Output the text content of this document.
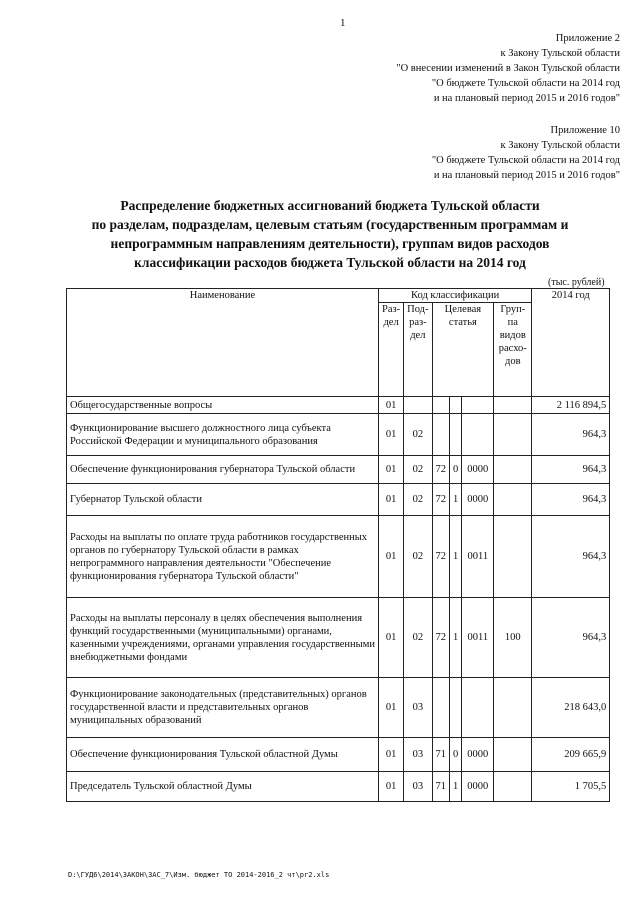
1
Приложение 2
к Закону Тульской области
"О внесении изменений в Закон Тульской области
"О бюджете Тульской области на 2014 год
и на плановый период 2015 и 2016 годов"
Приложение 10
к Закону Тульской области
"О бюджете Тульской области на 2014 год
и на плановый период 2015 и 2016 годов"
Распределение бюджетных ассигнований бюджета Тульской области
по разделам, подразделам, целевым статьям (государственным программам и
непрограммным направлениям деятельности), группам видов расходов
классификации расходов бюджета Тульской области на 2014 год
(тыс. рублей)
Наименование	Код классификации						2014 год
	Раз-дел	Под-раз-дел	Целевая статья			Груп-па видов расхо-дов	
Общегосударственные вопросы	01						2 116 894,5
Функционирование высшего должностного лица субъекта Российской Федерации и муниципального образования	01	02					964,3
Обеспечение функционирования губернатора Тульской области	01	02	72	0	0000		964,3
Губернатор Тульской области	01	02	72	1	0000		964,3
Расходы на выплаты по оплате труда работников государственных органов по губернатору Тульской области в рамках непрограммного направления деятельности "Обеспечение функционирования губернатора Тульской области"	01	02	72	1	0011		964,3
Расходы на выплаты персоналу в целях обеспечения выполнения функций государственными (муниципальными) органами, казенными учреждениями, органами управления государственными внебюджетными фондами	01	02	72	1	0011	100	964,3
Функционирование законодательных (представительных) органов государственной власти и представительных органов муниципальных образований	01	03					218 643,0
Обеспечение функционирования Тульской областной Думы	01	03	71	0	0000		209 665,9
Председатель Тульской областной Думы	01	03	71	1	0000		1 705,5
D:\ГУД6\2014\ЗАКОН\ЗАС_7\Изм. бюджет ТО 2014-2016_2 чт\pr2.xls
